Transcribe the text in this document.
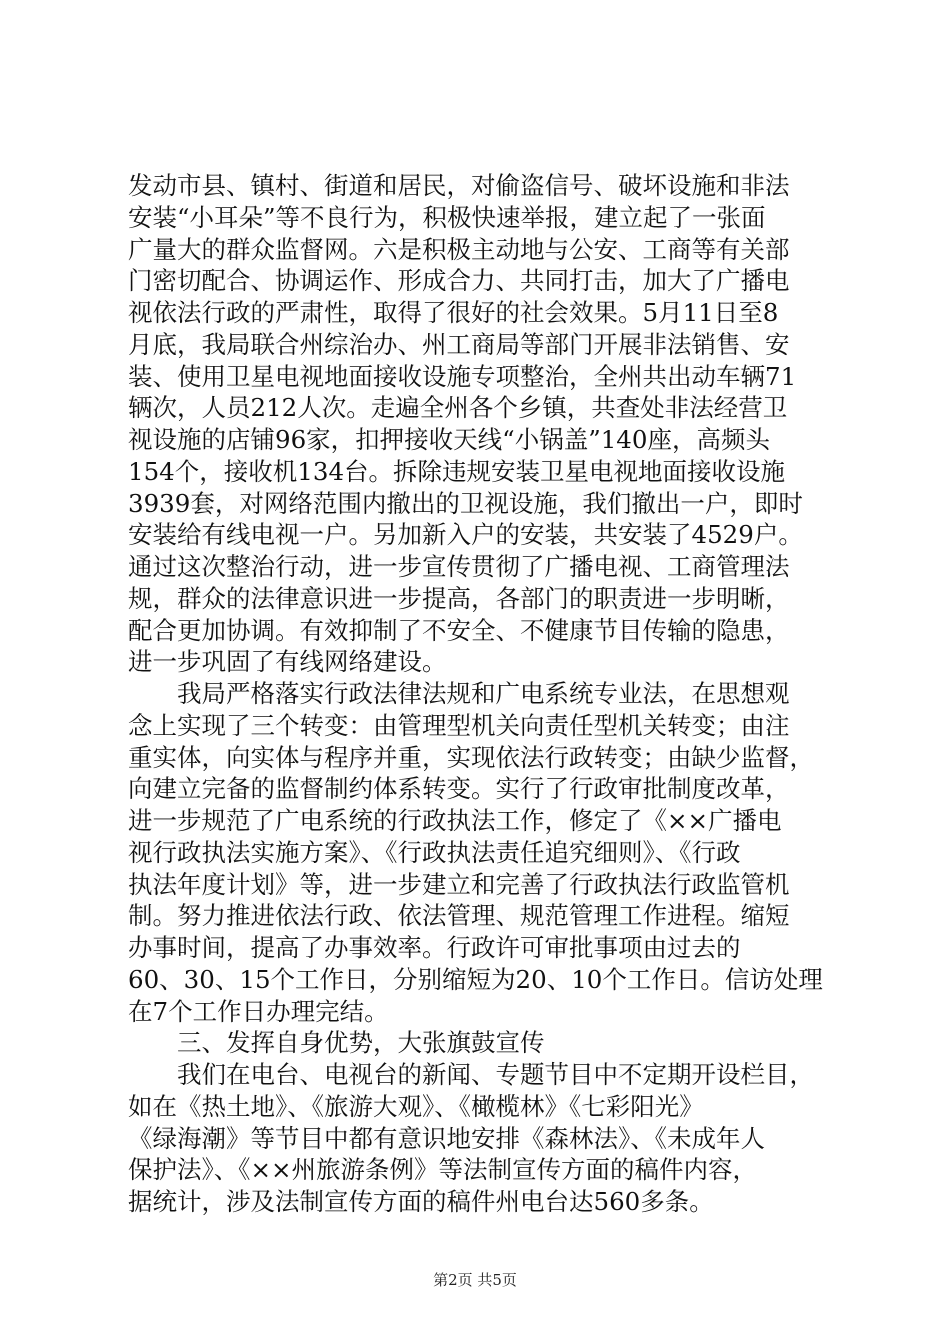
发动市县、镇村、街道和居民，对偷盗信号、破坏设施和非法
安装“小耳朵”等不良行为，积极快速举报，建立起了一张面
广量大的群众监督网。六是积极主动地与公安、工商等有关部
门密切配合、协调运作、形成合力、共同打击，加大了广播电
视依法行政的严肃性，取得了很好的社会效果。5月11日至8
月底，我局联合州综治办、州工商局等部门开展非法销售、安
装、使用卫星电视地面接收设施专项整治，全州共出动车辆71
辆次，人员212人次。走遍全州各个乡镇，共查处非法经营卫
视设施的店铺96家，扣押接收天线“小锅盖”140座，高频头
154个，接收机134台。拆除违规安装卫星电视地面接收设施
3939套，对网络范围内撤出的卫视设施，我们撤出一户，即时
安装给有线电视一户。另加新入户的安装，共安装了4529户。
通过这次整治行动，进一步宣传贯彻了广播电视、工商管理法
规，群众的法律意识进一步提高，各部门的职责进一步明晰，
配合更加协调。有效抑制了不安全、不健康节目传输的隐患，
进一步巩固了有线网络建设。
　　我局严格落实行政法律法规和广电系统专业法，在思想观
念上实现了三个转变：由管理型机关向责任型机关转变；由注
重实体，向实体与程序并重，实现依法行政转变；由缺少监督，
向建立完备的监督制约体系转变。实行了行政审批制度改革，
进一步规范了广电系统的行政执法工作，修定了《××广播电
视行政执法实施方案》、《行政执法责任追究细则》、《行政
执法年度计划》等，进一步建立和完善了行政执法行政监管机
制。努力推进依法行政、依法管理、规范管理工作进程。缩短
办事时间，提高了办事效率。行政许可审批事项由过去的
60、30、15个工作日，分别缩短为20、10个工作日。信访处理
在7个工作日办理完结。
　　三、发挥自身优势，大张旗鼓宣传
　　我们在电台、电视台的新闻、专题节目中不定期开设栏目，
如在《热土地》、《旅游大观》、《橄榄林》《七彩阳光》
《绿海潮》等节目中都有意识地安排《森林法》、《未成年人
保护法》、《××州旅游条例》等法制宣传方面的稿件内容，
据统计，涉及法制宣传方面的稿件州电台达560多条。
第2页 共5页
